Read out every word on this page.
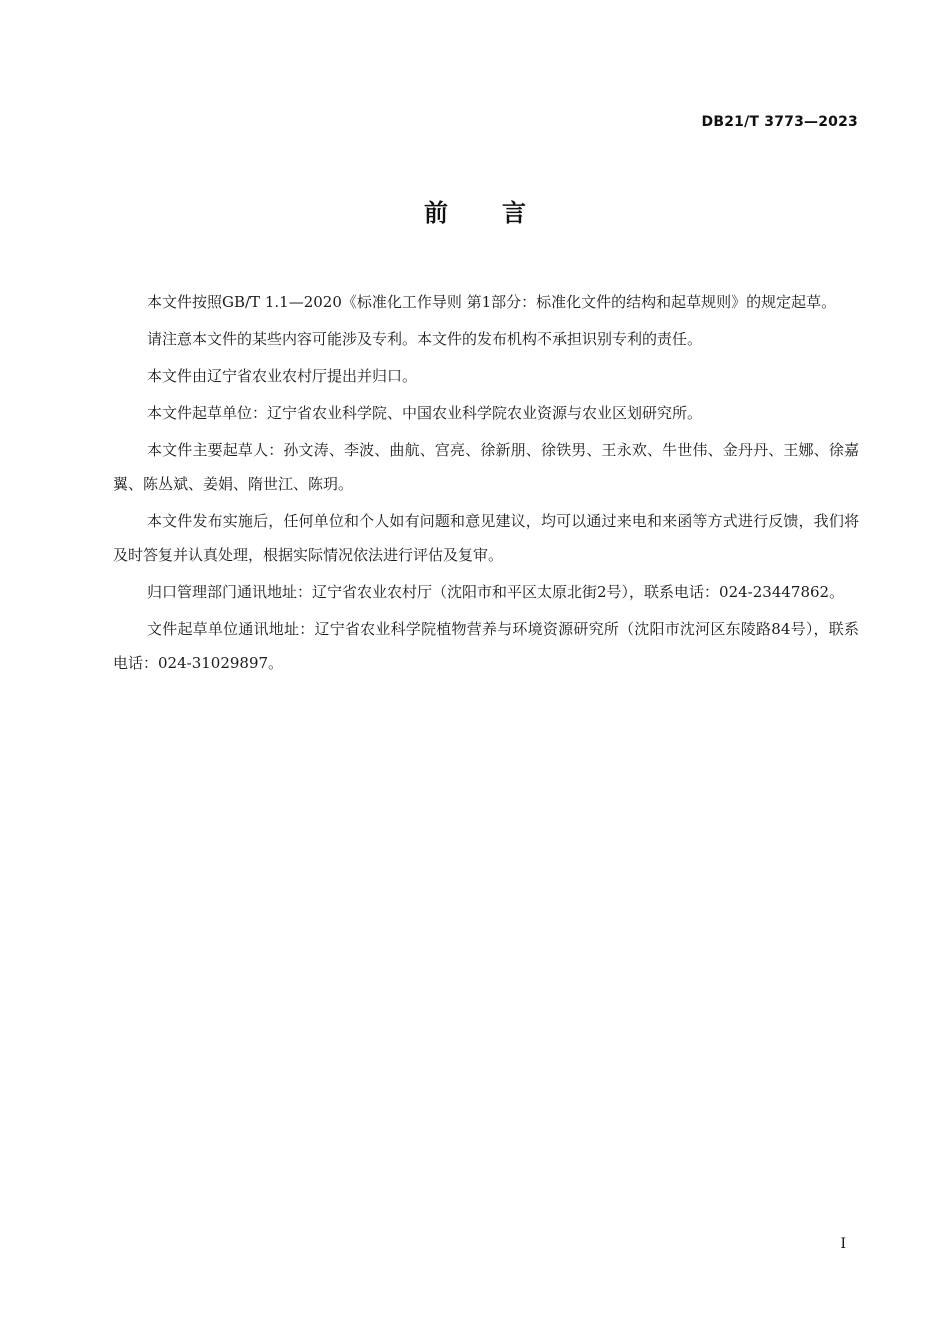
DB21/T 3773—2023
前 言

本文件按照GB/T 1.1—2020《标准化工作导则 第1部分：标准化文件的结构和起草规则》的规定起草。

请注意本文件的某些内容可能涉及专利。本文件的发布机构不承担识别专利的责任。

本文件由辽宁省农业农村厅提出并归口。

本文件起草单位：辽宁省农业科学院、中国农业科学院农业资源与农业区划研究所。

本文件主要起草人：孙文涛、李波、曲航、宫亮、徐新朋、徐铁男、王永欢、牛世伟、金丹丹、王娜、徐嘉翼、陈丛斌、姜娟、隋世江、陈玥。

本文件发布实施后，任何单位和个人如有问题和意见建议，均可以通过来电和来函等方式进行反馈，我们将及时答复并认真处理，根据实际情况依法进行评估及复审。

归口管理部门通讯地址：辽宁省农业农村厅（沈阳市和平区太原北街2号），联系电话：024-23447862。

文件起草单位通讯地址：辽宁省农业科学院植物营养与环境资源研究所（沈阳市沈河区东陵路84号），联系电话：024-31029897。

I
